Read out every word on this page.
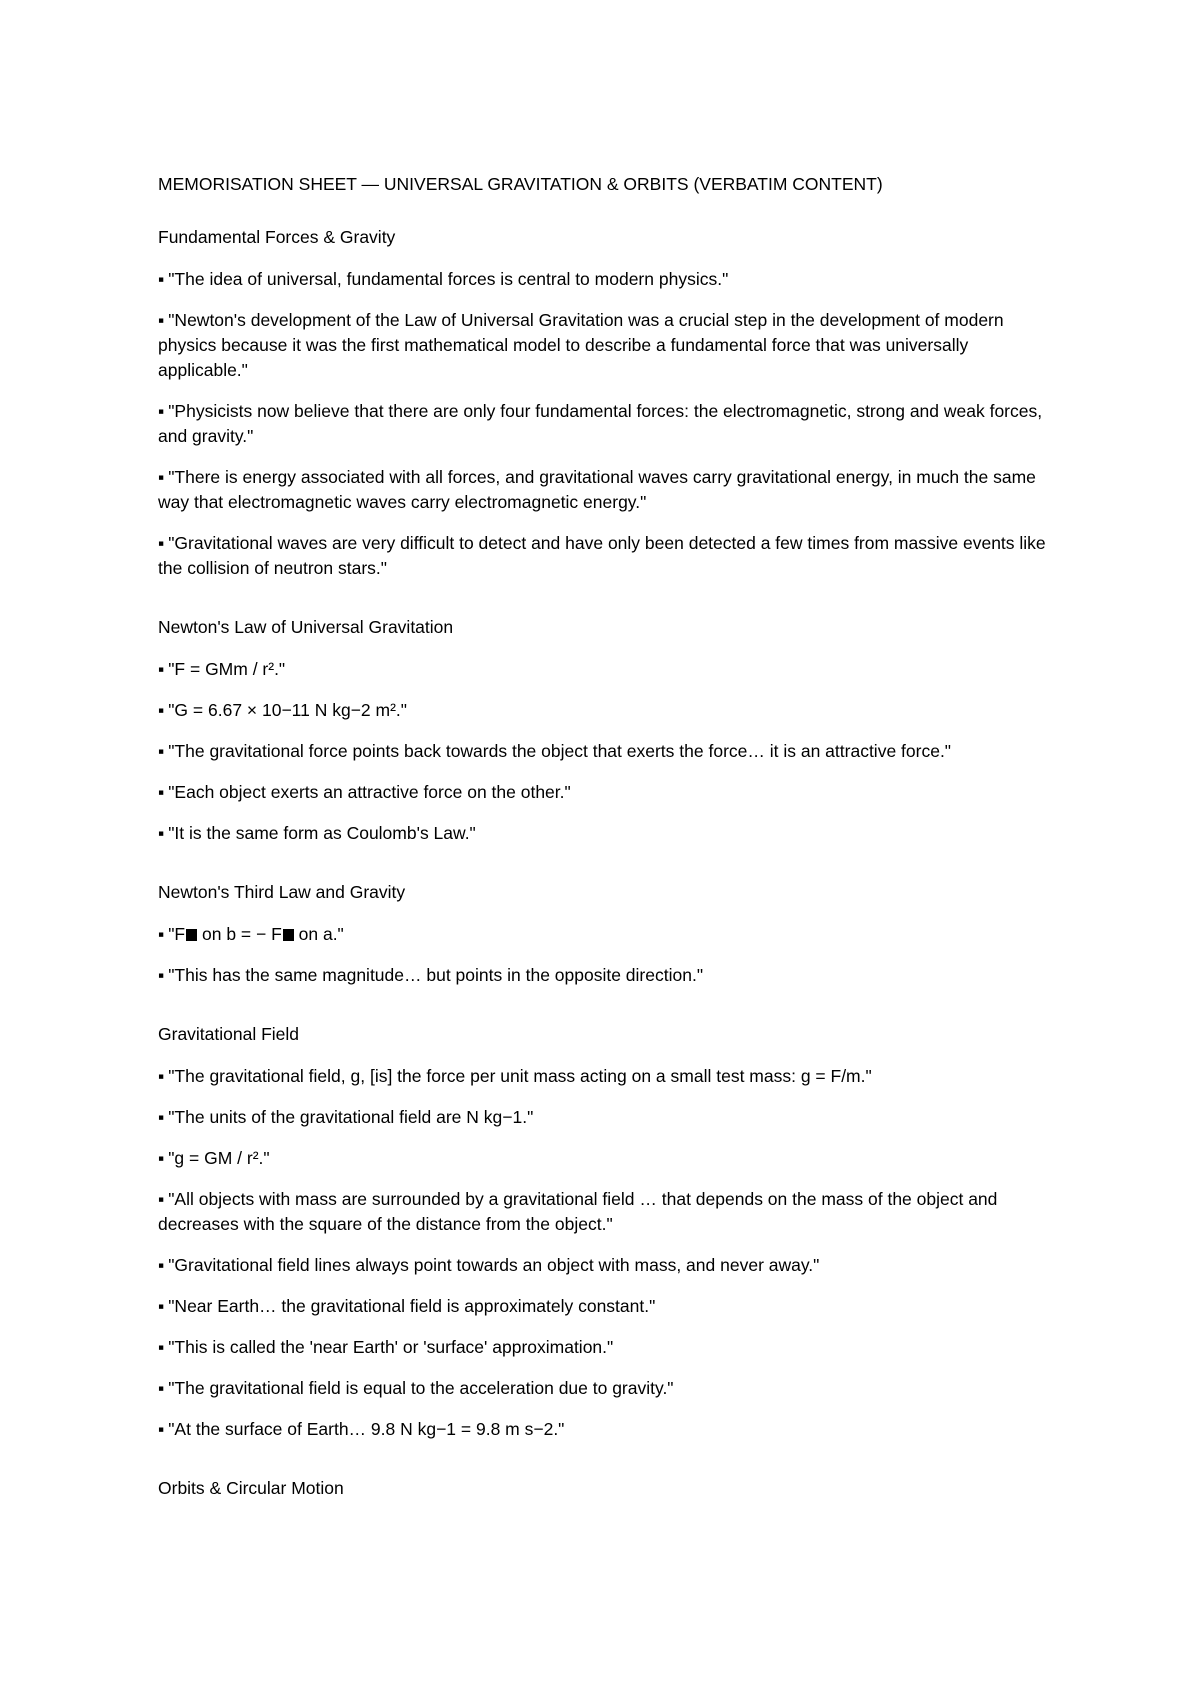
MEMORISATION SHEET — UNIVERSAL GRAVITATION & ORBITS (VERBATIM CONTENT)

Fundamental Forces & Gravity

▪ "The idea of universal, fundamental forces is central to modern physics."

▪ "Newton's development of the Law of Universal Gravitation was a crucial step in the development of modern physics because it was the first mathematical model to describe a fundamental force that was universally applicable."

▪ "Physicists now believe that there are only four fundamental forces: the electromagnetic, strong and weak forces, and gravity."

▪ "There is energy associated with all forces, and gravitational waves carry gravitational energy, in much the same way that electromagnetic waves carry electromagnetic energy."

▪ "Gravitational waves are very difficult to detect and have only been detected a few times from massive events like the collision of neutron stars."

Newton's Law of Universal Gravitation

▪ "F = GMm / r²."

▪ "G = 6.67 × 10−11 N kg−2 m²."

▪ "The gravitational force points back towards the object that exerts the force… it is an attractive force."

▪ "Each object exerts an attractive force on the other."

▪ "It is the same form as Coulomb's Law."

Newton's Third Law and Gravity

▪ "F on b = − F on a."

▪ "This has the same magnitude… but points in the opposite direction."

Gravitational Field

▪ "The gravitational field, g, [is] the force per unit mass acting on a small test mass: g = F/m."

▪ "The units of the gravitational field are N kg−1."

▪ "g = GM / r²."

▪ "All objects with mass are surrounded by a gravitational field … that depends on the mass of the object and decreases with the square of the distance from the object."

▪ "Gravitational field lines always point towards an object with mass, and never away."

▪ "Near Earth… the gravitational field is approximately constant."

▪ "This is called the 'near Earth' or 'surface' approximation."

▪ "The gravitational field is equal to the acceleration due to gravity."

▪ "At the surface of Earth… 9.8 N kg−1 = 9.8 m s−2."

Orbits & Circular Motion
